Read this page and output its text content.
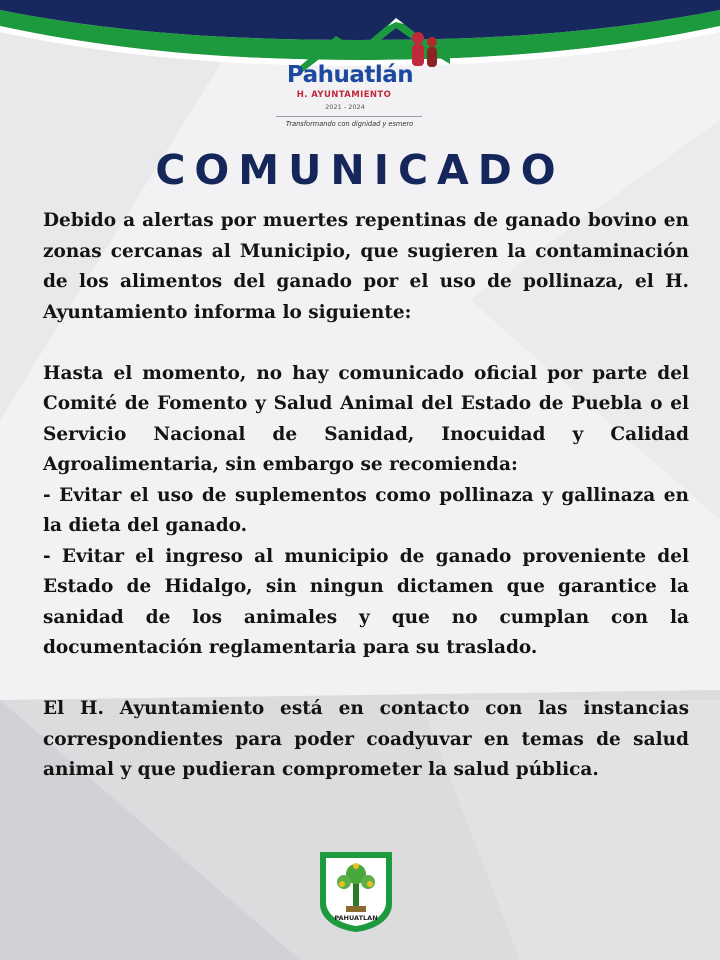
Pahuatlán
H. AYUNTAMIENTO
2021 - 2024
Transformando con dignidad y esmero
COMUNICADO

Debido a alertas por muertes repentinas de ganado bovino en zonas cercanas al Municipio, que sugieren la contaminación de los alimentos del ganado por el uso de pollinaza, el H. Ayuntamiento informa lo siguiente:

Hasta el momento, no hay comunicado oficial por parte del Comité de Fomento y Salud Animal del Estado de Puebla o el Servicio Nacional de Sanidad, Inocuidad y Calidad Agroalimentaria, sin embargo se recomienda:

- Evitar el uso de suplementos como pollinaza y gallinaza en la dieta del ganado.

- Evitar el ingreso al municipio de ganado proveniente del Estado de Hidalgo, sin ningun dictamen que garantice la sanidad de los animales y que no cumplan con la documentación reglamentaria para su traslado.

El H. Ayuntamiento está en contacto con las instancias correspondientes para poder coadyuvar en temas de salud animal y que pudieran comprometer la salud pública.

PAHUATLAN
